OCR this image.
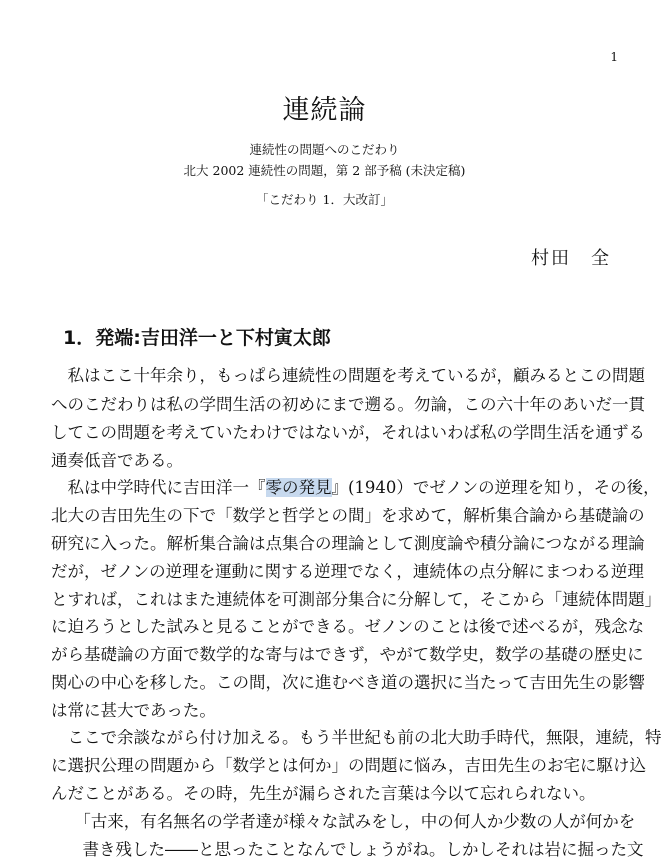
1
連続論
連続性の問題へのこだわり
北大 2002 連続性の問題，第 2 部予稿 (未決定稿)
「こだわり 1．大改訂」
村田　全
1．発端:吉田洋一と下村寅太郎
　私はここ十年余り，もっぱら連続性の問題を考えているが，顧みるとこの問題
へのこだわりは私の学問生活の初めにまで遡る。勿論，この六十年のあいだ一貫
してこの問題を考えていたわけではないが，それはいわば私の学問生活を通ずる
通奏低音である。
　私は中学時代に吉田洋一『零の発見』(1940）でゼノンの逆理を知り，その後，
北大の吉田先生の下で「数学と哲学との間」を求めて，解析集合論から基礎論の
研究に入った。解析集合論は点集合の理論として測度論や積分論につながる理論
だが，ゼノンの逆理を運動に関する逆理でなく，連続体の点分解にまつわる逆理
とすれば，これはまた連続体を可測部分集合に分解して，そこから「連続体問題」
に迫ろうとした試みと見ることができる。ゼノンのことは後で述べるが，残念な
がら基礎論の方面で数学的な寄与はできず，やがて数学史，数学の基礎の歴史に
関心の中心を移した。この間，次に進むべき道の選択に当たって吉田先生の影響
は常に甚大であった。
　ここで余談ながら付け加える。もう半世紀も前の北大助手時代，無限，連続，特
に選択公理の問題から「数学とは何か」の問題に悩み，吉田先生のお宅に駆け込
んだことがある。その時，先生が漏らされた言葉は今以て忘れられない。
　「古来，有名無名の学者達が様々な試みをし，中の何人か少数の人が何かを
　書き残した――と思ったことなんでしょうがね。しかしそれは岩に掘った文
